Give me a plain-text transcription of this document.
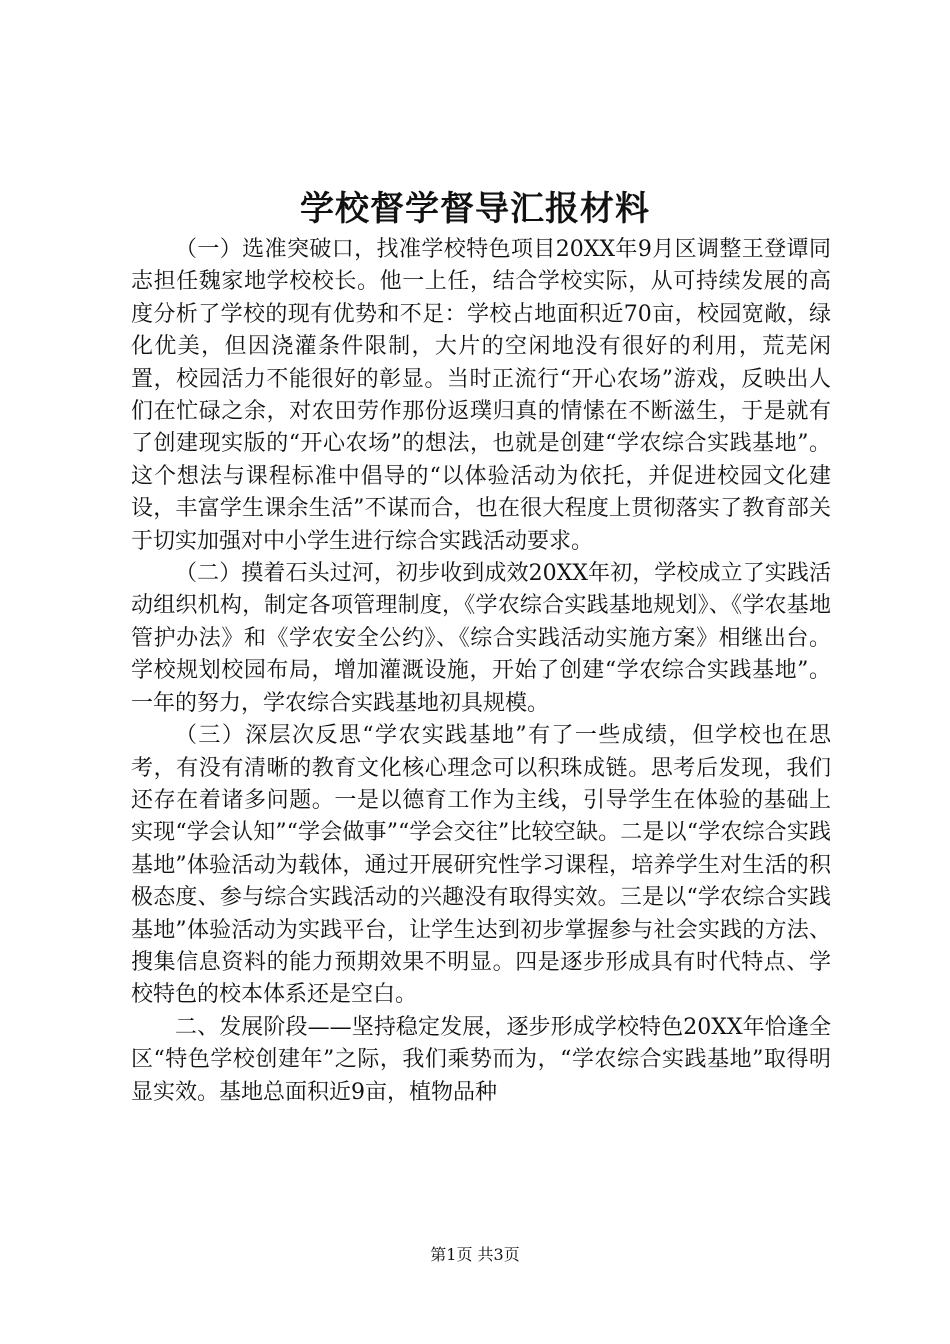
学校督学督导汇报材料

（一）选准突破口，找准学校特色项目20XX年9月区调整王登谭同志担任魏家地学校校长。他一上任，结合学校实际，从可持续发展的高度分析了学校的现有优势和不足：学校占地面积近70亩，校园宽敞，绿化优美，但因浇灌条件限制，大片的空闲地没有很好的利用，荒芜闲置，校园活力不能很好的彰显。当时正流行“开心农场”游戏，反映出人们在忙碌之余，对农田劳作那份返璞归真的情愫在不断滋生，于是就有了创建现实版的“开心农场”的想法，也就是创建“学农综合实践基地”。这个想法与课程标准中倡导的“以体验活动为依托，并促进校园文化建设，丰富学生课余生活”不谋而合，也在很大程度上贯彻落实了教育部关于切实加强对中小学生进行综合实践活动要求。

（二）摸着石头过河，初步收到成效20XX年初，学校成立了实践活动组织机构，制定各项管理制度，《学农综合实践基地规划》、《学农基地管护办法》和《学农安全公约》、《综合实践活动实施方案》相继出台。学校规划校园布局，增加灌溉设施，开始了创建“学农综合实践基地”。一年的努力，学农综合实践基地初具规模。

（三）深层次反思“学农实践基地”有了一些成绩，但学校也在思考，有没有清晰的教育文化核心理念可以积珠成链。思考后发现，我们还存在着诸多问题。一是以德育工作为主线，引导学生在体验的基础上实现“学会认知”“学会做事”“学会交往”比较空缺。二是以“学农综合实践基地”体验活动为载体，通过开展研究性学习课程，培养学生对生活的积极态度、参与综合实践活动的兴趣没有取得实效。三是以“学农综合实践基地”体验活动为实践平台，让学生达到初步掌握参与社会实践的方法、搜集信息资料的能力预期效果不明显。四是逐步形成具有时代特点、学校特色的校本体系还是空白。

二、发展阶段——坚持稳定发展，逐步形成学校特色20XX年恰逢全区“特色学校创建年”之际，我们乘势而为，“学农综合实践基地”取得明显实效。基地总面积近9亩，植物品种

第1页 共3页
